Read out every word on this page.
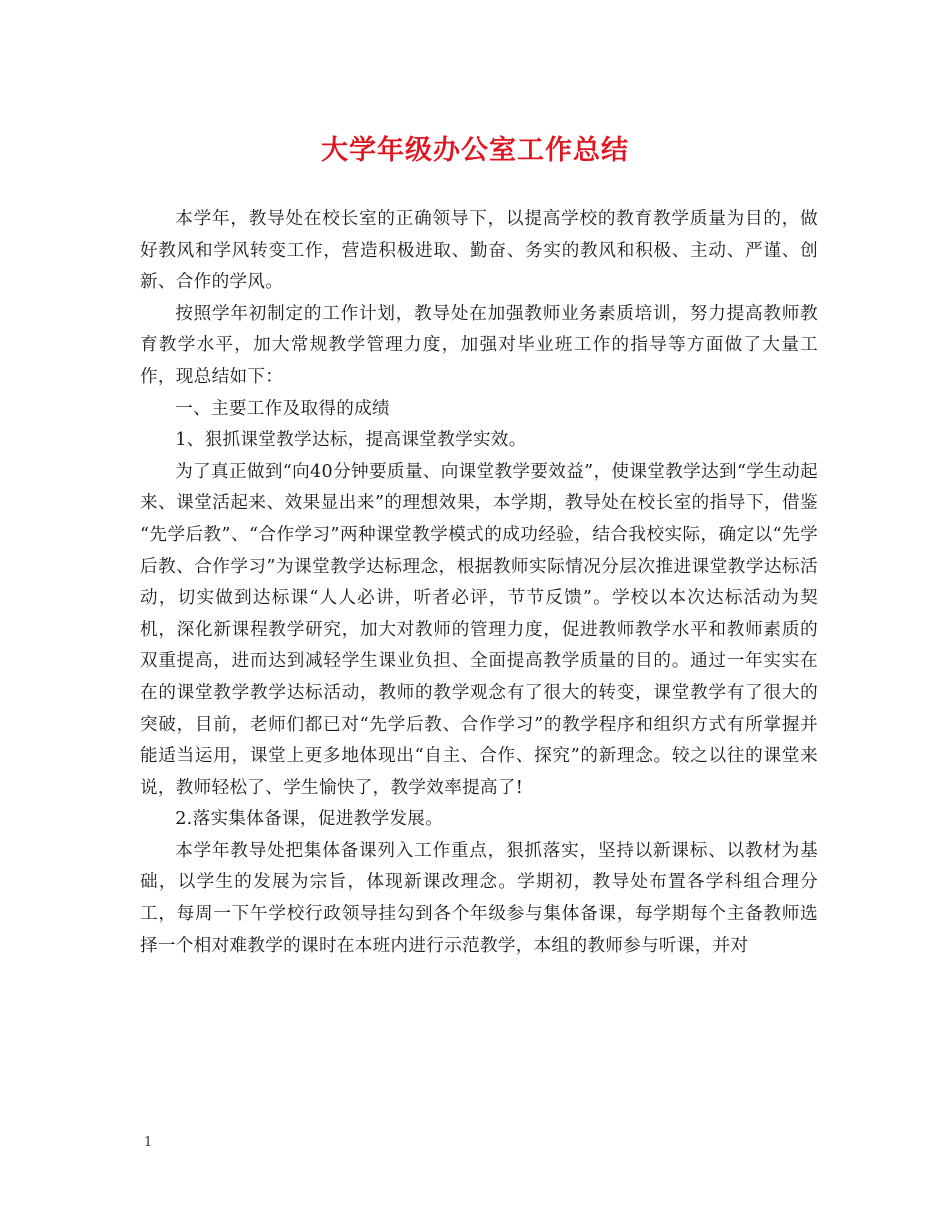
大学年级办公室工作总结

本学年，教导处在校长室的正确领导下，以提高学校的教育教学质量为目的，做好教风和学风转变工作，营造积极进取、勤奋、务实的教风和积极、主动、严谨、创新、合作的学风。

按照学年初制定的工作计划，教导处在加强教师业务素质培训，努力提高教师教育教学水平，加大常规教学管理力度，加强对毕业班工作的指导等方面做了大量工作，现总结如下：

一、主要工作及取得的成绩

1、狠抓课堂教学达标，提高课堂教学实效。

为了真正做到“向40分钟要质量、向课堂教学要效益”，使课堂教学达到“学生动起来、课堂活起来、效果显出来”的理想效果，本学期，教导处在校长室的指导下，借鉴 “先学后教”、“合作学习”两种课堂教学模式的成功经验，结合我校实际，确定以“先学后教、合作学习”为课堂教学达标理念，根据教师实际情况分层次推进课堂教学达标活动，切实做到达标课“人人必讲，听者必评，节节反馈”。学校以本次达标活动为契机，深化新课程教学研究，加大对教师的管理力度，促进教师教学水平和教师素质的双重提高，进而达到减轻学生课业负担、全面提高教学质量的目的。通过一年实实在在的课堂教学教学达标活动，教师的教学观念有了很大的转变，课堂教学有了很大的突破，目前，老师们都已对“先学后教、合作学习”的教学程序和组织方式有所掌握并能适当运用，课堂上更多地体现出“自主、合作、探究”的新理念。较之以往的课堂来说，教师轻松了、学生愉快了，教学效率提高了!

2.落实集体备课，促进教学发展。

本学年教导处把集体备课列入工作重点，狠抓落实，坚持以新课标、以教材为基础，以学生的发展为宗旨，体现新课改理念。学期初，教导处布置各学科组合理分工，每周一下午学校行政领导挂勾到各个年级参与集体备课，每学期每个主备教师选择一个相对难教学的课时在本班内进行示范教学，本组的教师参与听课，并对

1
